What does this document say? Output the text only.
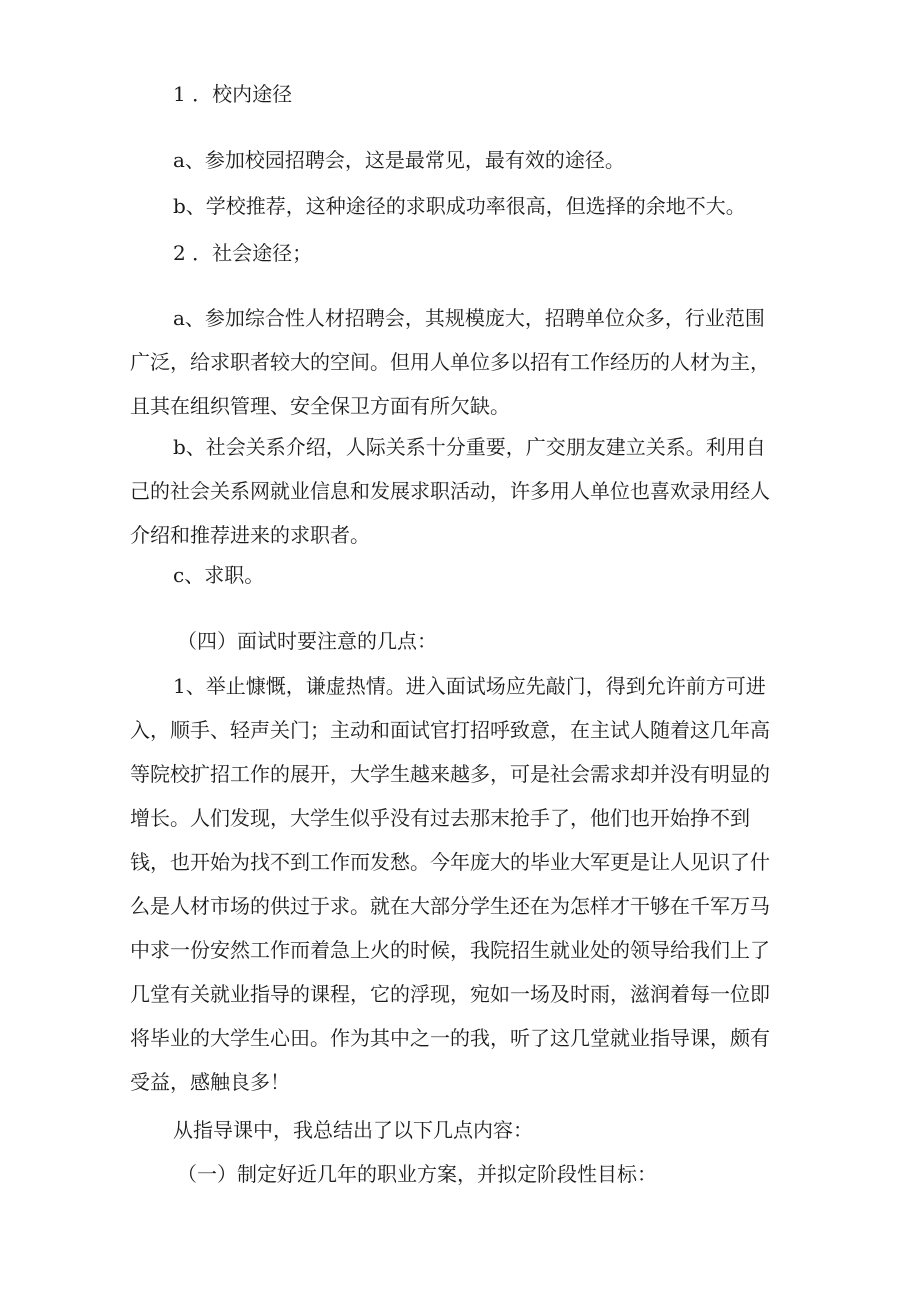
1 ．校内途径

a、参加校园招聘会，这是最常见，最有效的途径。

b、学校推荐，这种途径的求职成功率很高，但选择的余地不大。

2 ．社会途径；

a、参加综合性人材招聘会，其规模庞大，招聘单位众多，行业范围
广泛，给求职者较大的空间。但用人单位多以招有工作经历的人材为主，
且其在组织管理、安全保卫方面有所欠缺。

b、社会关系介绍，人际关系十分重要，广交朋友建立关系。利用自
己的社会关系网就业信息和发展求职活动，许多用人单位也喜欢录用经人
介绍和推荐进来的求职者。

c、求职。

（四）面试时要注意的几点：

1、举止慷慨，谦虚热情。进入面试场应先敲门，得到允许前方可进
入，顺手、轻声关门；主动和面试官打招呼致意，在主试人随着这几年高
等院校扩招工作的展开，大学生越来越多，可是社会需求却并没有明显的
增长。人们发现，大学生似乎没有过去那末抢手了，他们也开始挣不到
钱，也开始为找不到工作而发愁。今年庞大的毕业大军更是让人见识了什
么是人材市场的供过于求。就在大部分学生还在为怎样才干够在千军万马
中求一份安然工作而着急上火的时候，我院招生就业处的领导给我们上了
几堂有关就业指导的课程，它的浮现，宛如一场及时雨，滋润着每一位即
将毕业的大学生心田。作为其中之一的我，听了这几堂就业指导课，颇有
受益，感触良多！

从指导课中，我总结出了以下几点内容：

（一）制定好近几年的职业方案，并拟定阶段性目标：
